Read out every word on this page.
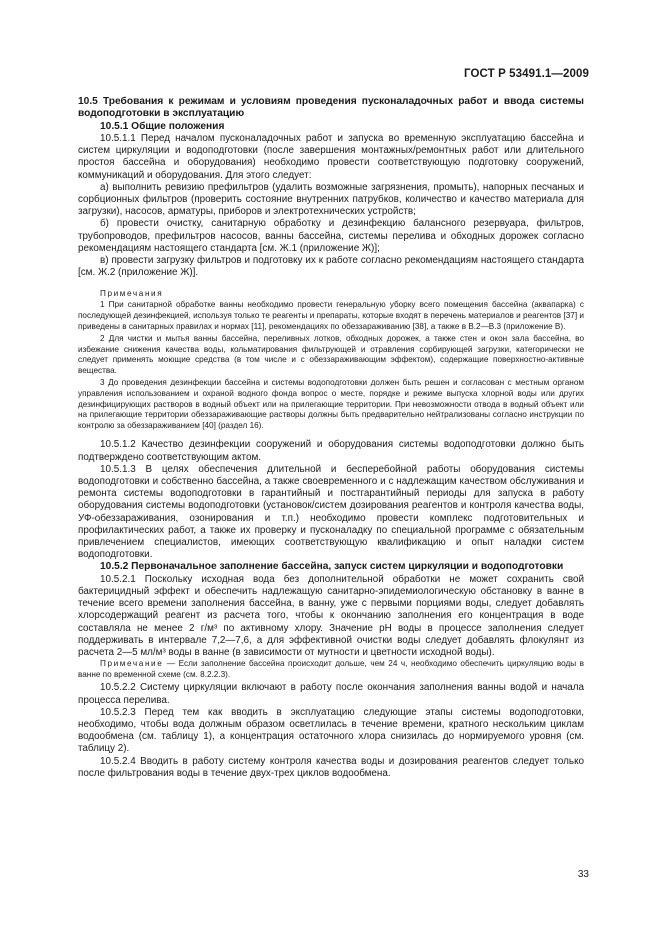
ГОСТ Р 53491.1—2009

10.5 Требования к режимам и условиям проведения пусконаладочных работ и ввода системы водоподготовки в эксплуатацию

10.5.1 Общие положения

10.5.1.1 Перед началом пусконаладочных работ и запуска во временную эксплуатацию бассейна и систем циркуляции и водоподготовки (после завершения монтажных/ремонтных работ или длительного простоя бассейна и оборудования) необходимо провести соответствующую подготовку сооружений, коммуникаций и оборудования. Для этого следует:

а) выполнить ревизию префильтров (удалить возможные загрязнения, промыть), напорных песчаных и сорбционных фильтров (проверить состояние внутренних патрубков, количество и качество материала для загрузки), насосов, арматуры, приборов и электротехнических устройств;

б) провести очистку, санитарную обработку и дезинфекцию балансного резервуара, фильтров, трубопроводов, префильтров насосов, ванны бассейна, системы перелива и обходных дорожек согласно рекомендациям настоящего стандарта [см. Ж.1 (приложение Ж)];

в) провести загрузку фильтров и подготовку их к работе согласно рекомендациям настоящего стандарта [см. Ж.2 (приложение Ж)].

Примечания

1 При санитарной обработке ванны необходимо провести генеральную уборку всего помещения бассейна (аквапарка) с последующей дезинфекцией, используя только те реагенты и препараты, которые входят в перечень материалов и реагентов [37] и приведены в санитарных правилах и нормах [11], рекомендациях по обеззараживанию [38], а также в В.2—В.3 (приложение В).

2 Для чистки и мытья ванны бассейна, переливных лотков, обходных дорожек, а также стен и окон зала бассейна, во избежание снижения качества воды, кольматирования фильтрующей и отравления сорбирующей загрузки, категорически не следует применять моющие средства (в том числе и с обеззараживающим эффектом), содержащие поверхностно-активные вещества.

3 До проведения дезинфекции бассейна и системы водоподготовки должен быть решен и согласован с местным органом управления использованием и охраной водного фонда вопрос о месте, порядке и режиме выпуска хлорной воды или других дезинфицирующих растворов в водный объект или на прилегающие территории. При невозможности отвода в водный объект или на прилегающие территории обеззараживающие растворы должны быть предварительно нейтрализованы согласно инструкции по контролю за обеззараживанием [40] (раздел 16).

10.5.1.2 Качество дезинфекции сооружений и оборудования системы водоподготовки должно быть подтверждено соответствующим актом.

10.5.1.3 В целях обеспечения длительной и бесперебойной работы оборудования системы водоподготовки и собственно бассейна, а также своевременного и с надлежащим качеством обслуживания и ремонта системы водоподготовки в гарантийный и постгарантийный периоды для запуска в работу оборудования системы водоподготовки (установок/систем дозирования реагентов и контроля качества воды, УФ-обеззараживания, озонирования и т.п.) необходимо провести комплекс подготовительных и профилактических работ, а также их проверку и пусконаладку по специальной программе с обязательным привлечением специалистов, имеющих соответствующую квалификацию и опыт наладки систем водоподготовки.

10.5.2 Первоначальное заполнение бассейна, запуск систем циркуляции и водоподготовки

10.5.2.1 Поскольку исходная вода без дополнительной обработки не может сохранить свой бактерицидный эффект и обеспечить надлежащую санитарно-эпидемиологическую обстановку в ванне в течение всего времени заполнения бассейна, в ванну, уже с первыми порциями воды, следует добавлять хлорсодержащий реагент из расчета того, чтобы к окончанию заполнения его концентрация в воде составляла не менее 2 г/м³ по активному хлору. Значение рН воды в процессе заполнения следует поддерживать в интервале 7,2—7,6, а для эффективной очистки воды следует добавлять флокулянт из расчета 2—5 мл/м³ воды в ванне (в зависимости от мутности и цветности исходной воды).

Примечание — Если заполнение бассейна происходит дольше, чем 24 ч, необходимо обеспечить циркуляцию воды в ванне по временной схеме (см. 8.2.2.3).

10.5.2.2 Систему циркуляции включают в работу после окончания заполнения ванны водой и начала процесса перелива.

10.5.2.3 Перед тем как вводить в эксплуатацию следующие этапы системы водоподготовки, необходимо, чтобы вода должным образом осветлилась в течение времени, кратного нескольким циклам водообмена (см. таблицу 1), а концентрация остаточного хлора снизилась до нормируемого уровня (см. таблицу 2).

10.5.2.4 Вводить в работу систему контроля качества воды и дозирования реагентов следует только после фильтрования воды в течение двух-трех циклов водообмена.

33
